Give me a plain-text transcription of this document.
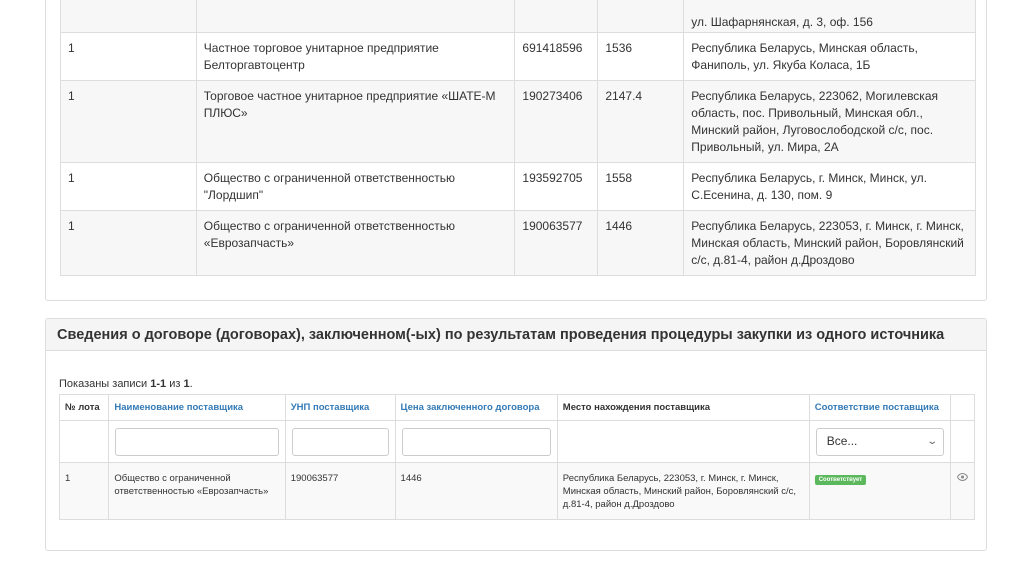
				ул. Шафарнянская, д. 3, оф. 156
1	Частное торговое унитарное предприятие Белторгавтоцентр	691418596	1536	Республика Беларусь, Минская область, Фаниполь, ул. Якуба Коласа, 1Б
1	Торговое частное унитарное предприятие «ШАТЕ-М ПЛЮС»	190273406	2147.4	Республика Беларусь, 223062, Могилевская область, пос. Привольный, Минская обл., Минский район, Луговослободской с/с, пос. Привольный, ул. Мира, 2А
1	Общество с ограниченной ответственностью "Лордшип"	193592705	1558	Республика Беларусь, г. Минск, Минск, ул. С.Есенина, д. 130, пом. 9
1	Общество с ограниченной ответственностью «Еврозапчасть»	190063577	1446	Республика Беларусь, 223053, г. Минск, г. Минск, Минская область, Минский район, Боровлянский с/с, д.81-4, район д.Дроздово
Сведения о договоре (договорах), заключенном(-ых) по результатам проведения процедуры закупки из одного источника
Показаны записи 1-1 из 1.
№ лота	Наименование поставщика	УНП поставщика	Цена заключенного договора	Место нахождения поставщика	Соответствие поставщика	

					Все... ⌄	

1	Общество с ограниченной ответственностью «Еврозапчасть»	190063577	1446	Республика Беларусь, 223053, г. Минск, г. Минск, Минская область, Минский район, Боровлянский с/с, д.81-4, район д.Дроздово	Соответствует	
